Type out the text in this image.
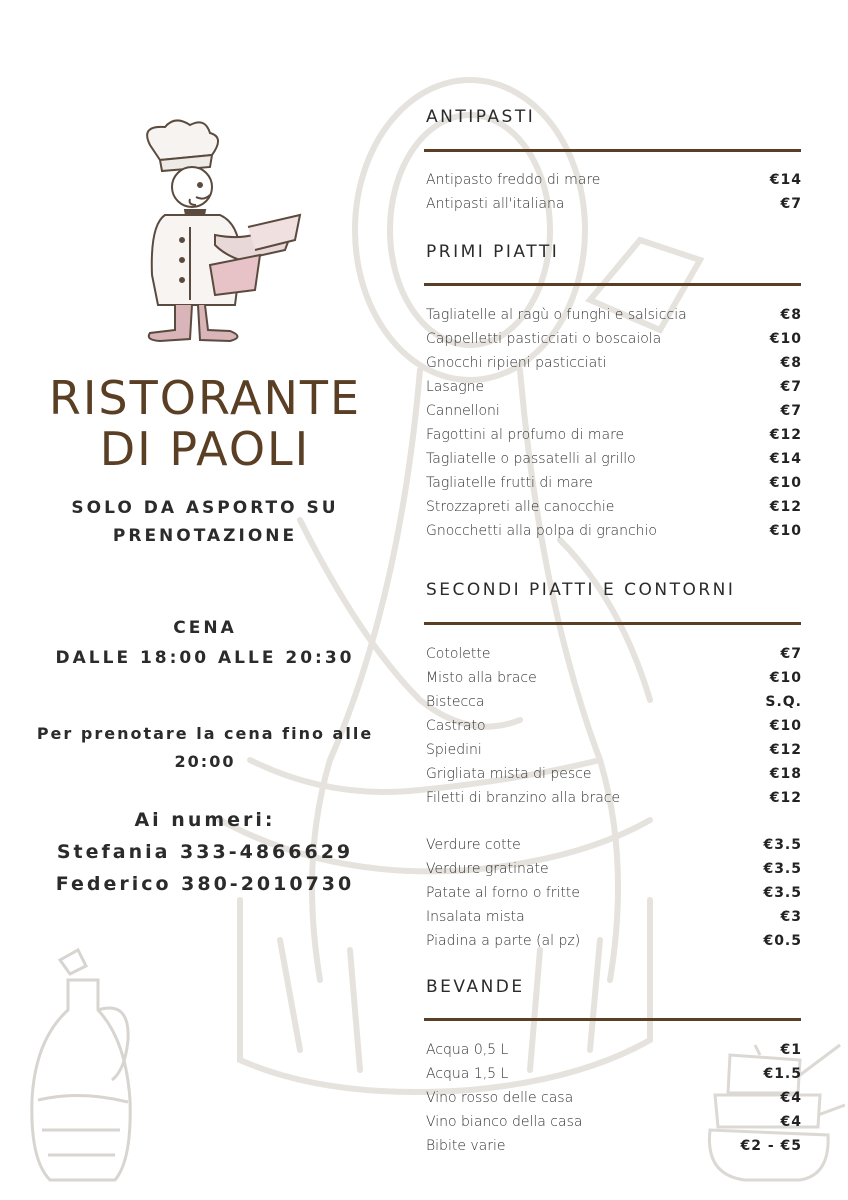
RISTORANTE
DI PAOLI
SOLO DA ASPORTO SU
PRENOTAZIONE
CENA
DALLE 18:00 ALLE 20:30
Per prenotare la cena fino alle
20:00
Ai numeri:
Stefania 333-4866629
Federico 380-2010730
ANTIPASTI
Antipasto freddo di mare	€14
Antipasti all'italiana	€7
PRIMI PIATTI
Tagliatelle al ragù o funghi e salsiccia	€8
Cappelletti pasticciati o boscaiola	€10
Gnocchi ripieni pasticciati	€8
Lasagne	€7
Cannelloni	€7
Fagottini al profumo di mare	€12
Tagliatelle o passatelli al grillo	€14
Tagliatelle frutti di mare	€10
Strozzapreti alle canocchie	€12
Gnocchetti alla polpa di granchio	€10
SECONDI PIATTI E CONTORNI
Cotolette	€7
Misto alla brace	€10
Bistecca	S.Q.
Castrato	€10
Spiedini	€12
Grigliata mista di pesce	€18
Filetti di branzino alla brace	€12
Verdure cotte	€3.5
Verdure gratinate	€3.5
Patate al forno o fritte	€3.5
Insalata mista	€3
Piadina a parte (al pz)	€0.5
BEVANDE
Acqua 0,5 L	€1
Acqua 1,5 L	€1.5
Vino rosso delle casa	€4
Vino bianco della casa	€4
Bibite varie	€2 - €5
